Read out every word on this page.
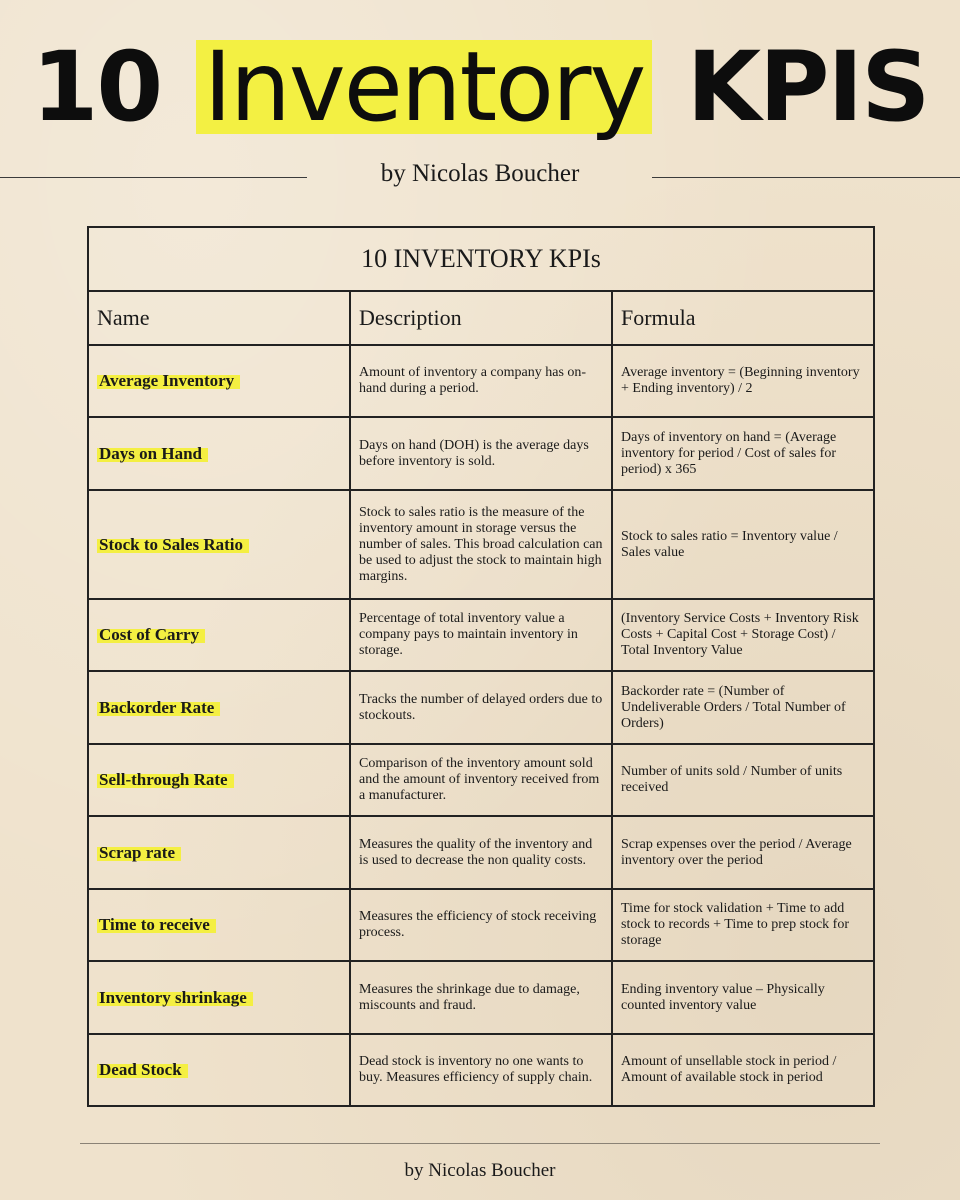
10 Inventory KPIS
by Nicolas Boucher
10 INVENTORY KPIs		
Name	Description	Formula
Average Inventory	Amount of inventory a company has on-hand during a period.	Average inventory = (Beginning inventory + Ending inventory) / 2
Days on Hand	Days on hand (DOH) is the average days before inventory is sold.	Days of inventory on hand = (Average inventory for period / Cost of sales for period) x 365
Stock to Sales Ratio	Stock to sales ratio is the measure of the inventory amount in storage versus the number of sales. This broad calculation can be used to adjust the stock to maintain high margins.	Stock to sales ratio = Inventory value / Sales value
Cost of Carry	Percentage of total inventory value a company pays to maintain inventory in storage.	(Inventory Service Costs + Inventory Risk Costs + Capital Cost + Storage Cost) / Total Inventory Value
Backorder Rate	Tracks the number of delayed orders due to stockouts.	Backorder rate = (Number of Undeliverable Orders / Total Number of Orders)
Sell-through Rate	Comparison of the inventory amount sold and the amount of inventory received from a manufacturer.	Number of units sold / Number of units received
Scrap rate	Measures the quality of the inventory and is used to decrease the non quality costs.	Scrap expenses over the period / Average inventory over the period
Time to receive	Measures the efficiency of stock receiving process.	Time for stock validation + Time to add stock to records + Time to prep stock for storage
Inventory shrinkage	Measures the shrinkage due to damage, miscounts and fraud.	Ending inventory value – Physically counted inventory value
Dead Stock	Dead stock is inventory no one wants to buy. Measures efficiency of supply chain.	Amount of unsellable stock in period / Amount of available stock in period
by Nicolas Boucher
